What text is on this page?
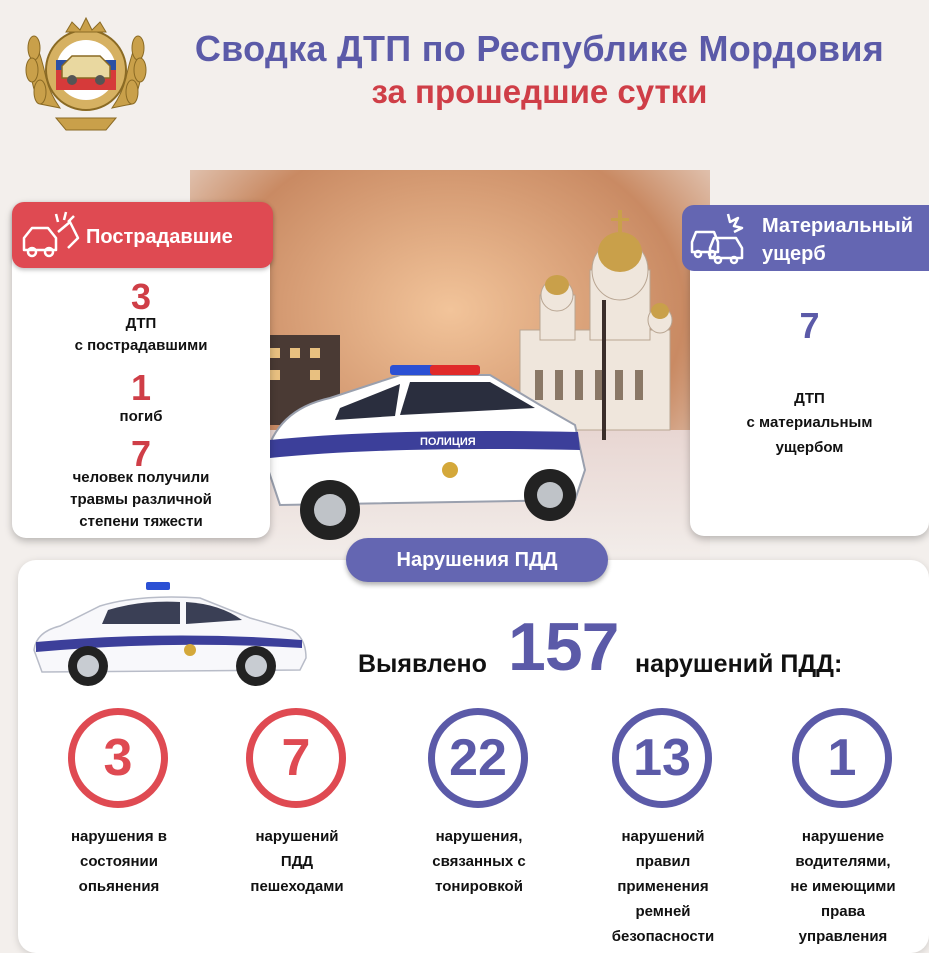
Сводка ДТП по Республике Мордовия
за прошедшие сутки
ПОЛИЦИЯ
Пострадавшие
3
ДТП
с пострадавшими
1
погиб
7
человек получили
травмы различной
степени тяжести
Материальный
ущерб
7
ДТП
с материальным
ущербом
Нарушения ПДД
Выявлено 157 нарушений ПДД:
3
нарушения в
состоянии
опьянения
7
нарушений
ПДД
пешеходами
22
нарушения,
связанных с
тонировкой
13
нарушений
правил
применения
ремней
безопасности
1
нарушение
водителями,
не имеющими
права
управления
